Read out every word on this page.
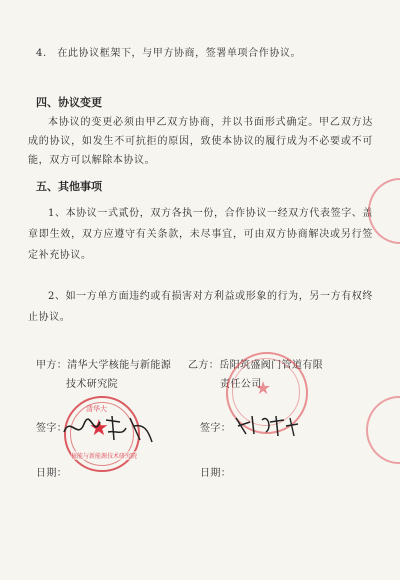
4.　在此协议框架下，与甲方协商，签署单项合作协议。
四、协议变更
本协议的变更必须由甲乙双方协商，并以书面形式确定。甲乙双方达成的协议，如发生不可抗拒的原因，致使本协议的履行成为不必要或不可能，双方可以解除本协议。
五、其他事项
1、本协议一式贰份，双方各执一份，合作协议一经双方代表签字、盖章即生效，双方应遵守有关条款，未尽事宜，可由双方协商解决或另行签定补充协议。
2、如一方单方面违约或有损害对方利益或形象的行为，另一方有权终止协议。
甲方：清华大学核能与新能源
技术研究院
签字：
日期：
乙方：岳阳筑盛阀门管道有限
责任公司
签字：
日期：
★
清华大
核能与新能源技术研究院
★
